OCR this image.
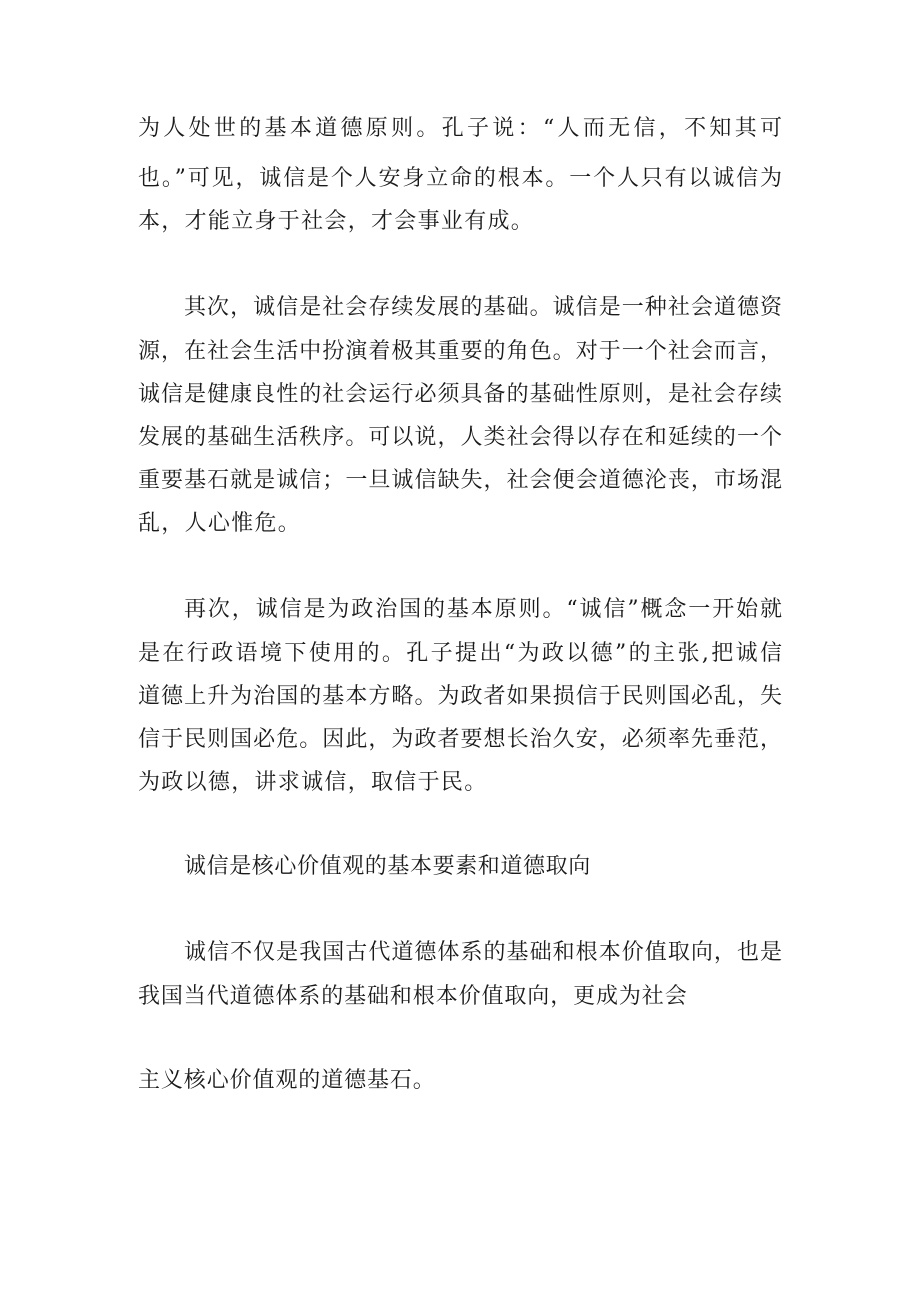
为人处世的基本道德原则。孔子说：“人而无信，不知其可

也。”可见，诚信是个人安身立命的根本。一个人只有以诚信为

本，才能立身于社会，才会事业有成。

其次，诚信是社会存续发展的基础。诚信是一种社会道德资

源，在社会生活中扮演着极其重要的角色。对于一个社会而言，

诚信是健康良性的社会运行必须具备的基础性原则，是社会存续

发展的基础生活秩序。可以说，人类社会得以存在和延续的一个

重要基石就是诚信；一旦诚信缺失，社会便会道德沦丧，市场混

乱，人心惟危。

再次，诚信是为政治国的基本原则。“诚信”概念一开始就

是在行政语境下使用的。孔子提出“为政以德”的主张,把诚信

道德上升为治国的基本方略。为政者如果损信于民则国必乱，失

信于民则国必危。因此，为政者要想长治久安，必须率先垂范，

为政以德，讲求诚信，取信于民。

诚信是核心价值观的基本要素和道德取向

诚信不仅是我国古代道德体系的基础和根本价值取向，也是

我国当代道德体系的基础和根本价值取向，更成为社会

主义核心价值观的道德基石。
